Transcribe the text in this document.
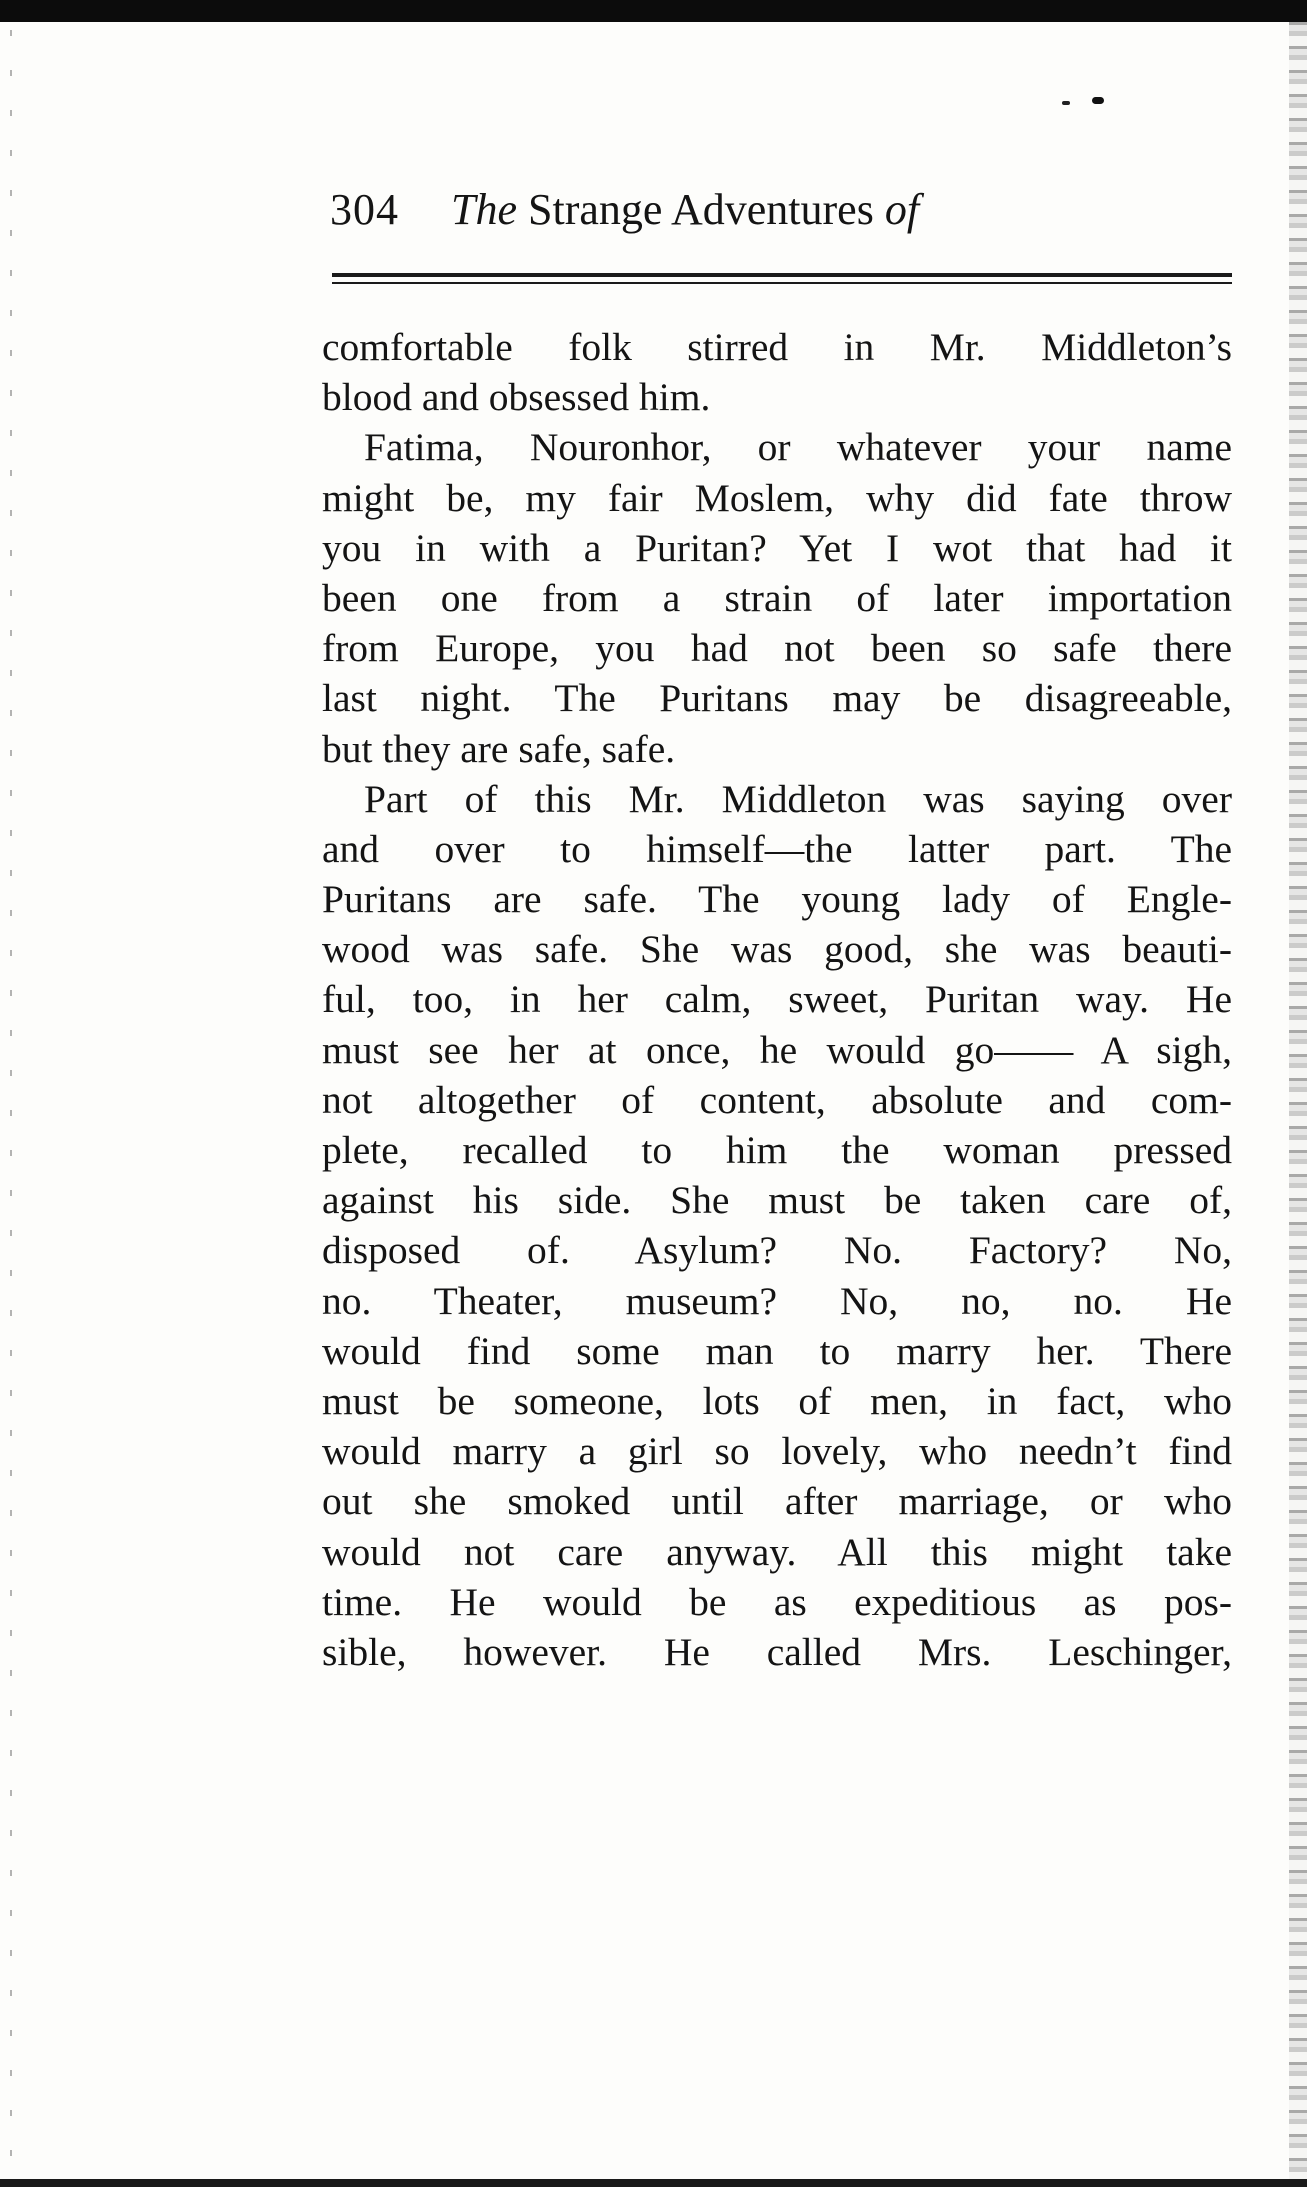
304 The Strange Adventures of
comfortable folk stirred in Mr. Middleton’s
blood and obsessed him.
Fatima, Nouronhor, or whatever your name
might be, my fair Moslem, why did fate throw
you in with a Puritan? Yet I wot that had it
been one from a strain of later importation
from Europe, you had not been so safe there
last night. The Puritans may be disagreeable,
but they are safe, safe.
Part of this Mr. Middleton was saying over
and over to himself—the latter part. The
Puritans are safe. The young lady of Engle-
wood was safe. She was good, she was beauti-
ful, too, in her calm, sweet, Puritan way. He
must see her at once, he would go—— A sigh,
not altogether of content, absolute and com-
plete, recalled to him the woman pressed
against his side. She must be taken care of,
disposed of. Asylum? No. Factory? No,
no. Theater, museum? No, no, no. He
would find some man to marry her. There
must be someone, lots of men, in fact, who
would marry a girl so lovely, who needn’t find
out she smoked until after marriage, or who
would not care anyway. All this might take
time. He would be as expeditious as pos-
sible, however. He called Mrs. Leschinger,
